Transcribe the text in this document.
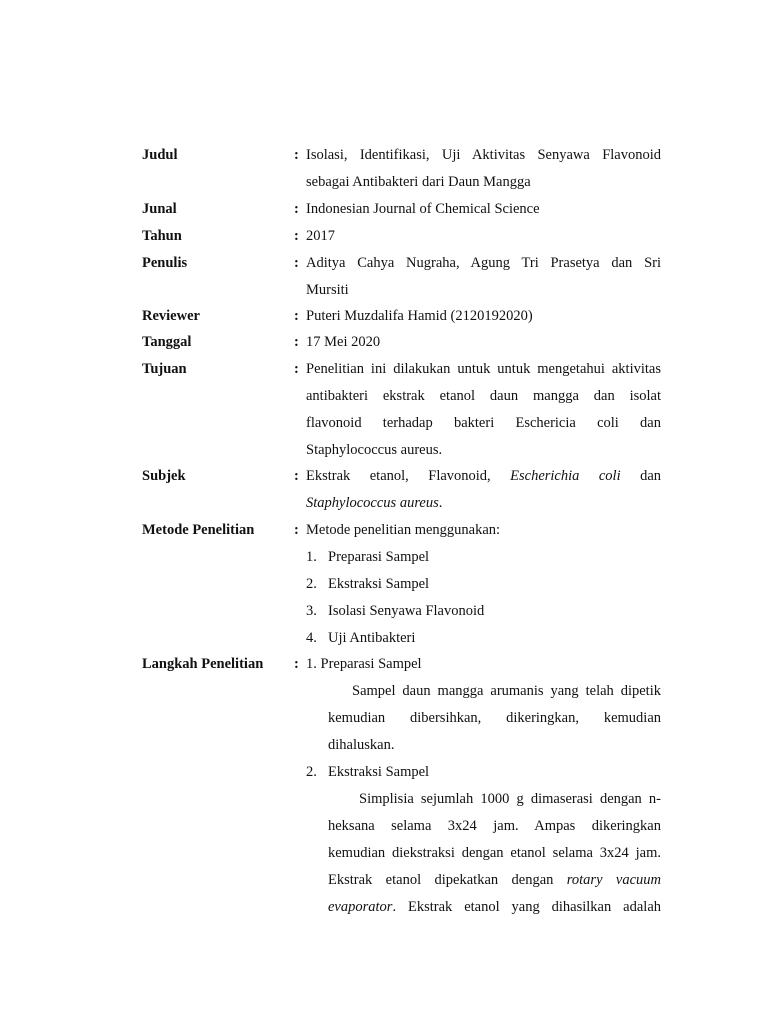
Judul	: Isolasi, Identifikasi, Uji Aktivitas Senyawa Flavonoid
sebagai Antibakteri dari Daun Mangga
Junal	: Indonesian Journal of Chemical Science
Tahun	: 2017
Penulis	: Aditya Cahya Nugraha, Agung Tri Prasetya dan Sri
Mursiti
Reviewer	: Puteri Muzdalifa Hamid (2120192020)
Tanggal	: 17 Mei 2020
Tujuan	: Penelitian ini dilakukan untuk untuk mengetahui aktivitas
antibakteri ekstrak etanol daun mangga dan isolat
flavonoid terhadap bakteri Eschericia coli dan
Staphylococcus aureus.
Subjek	: Ekstrak etanol, Flavonoid, Escherichia coli dan
Staphylococcus aureus.
Metode Penelitian	: Metode penelitian menggunakan:
1. Preparasi Sampel
2. Ekstraksi Sampel
3. Isolasi Senyawa Flavonoid
4. Uji Antibakteri
Langkah Penelitian : 1. Preparasi Sampel
Sampel daun mangga arumanis yang telah dipetik
kemudian dibersihkan, dikeringkan, kemudian
dihaluskan.
2. Ekstraksi Sampel
Simplisia sejumlah 1000 g dimaserasi dengan n-
heksana selama 3x24 jam. Ampas dikeringkan
kemudian diekstraksi dengan etanol selama 3x24 jam.
Ekstrak etanol dipekatkan dengan rotary vacuum
evaporator. Ekstrak etanol yang dihasilkan adalah
